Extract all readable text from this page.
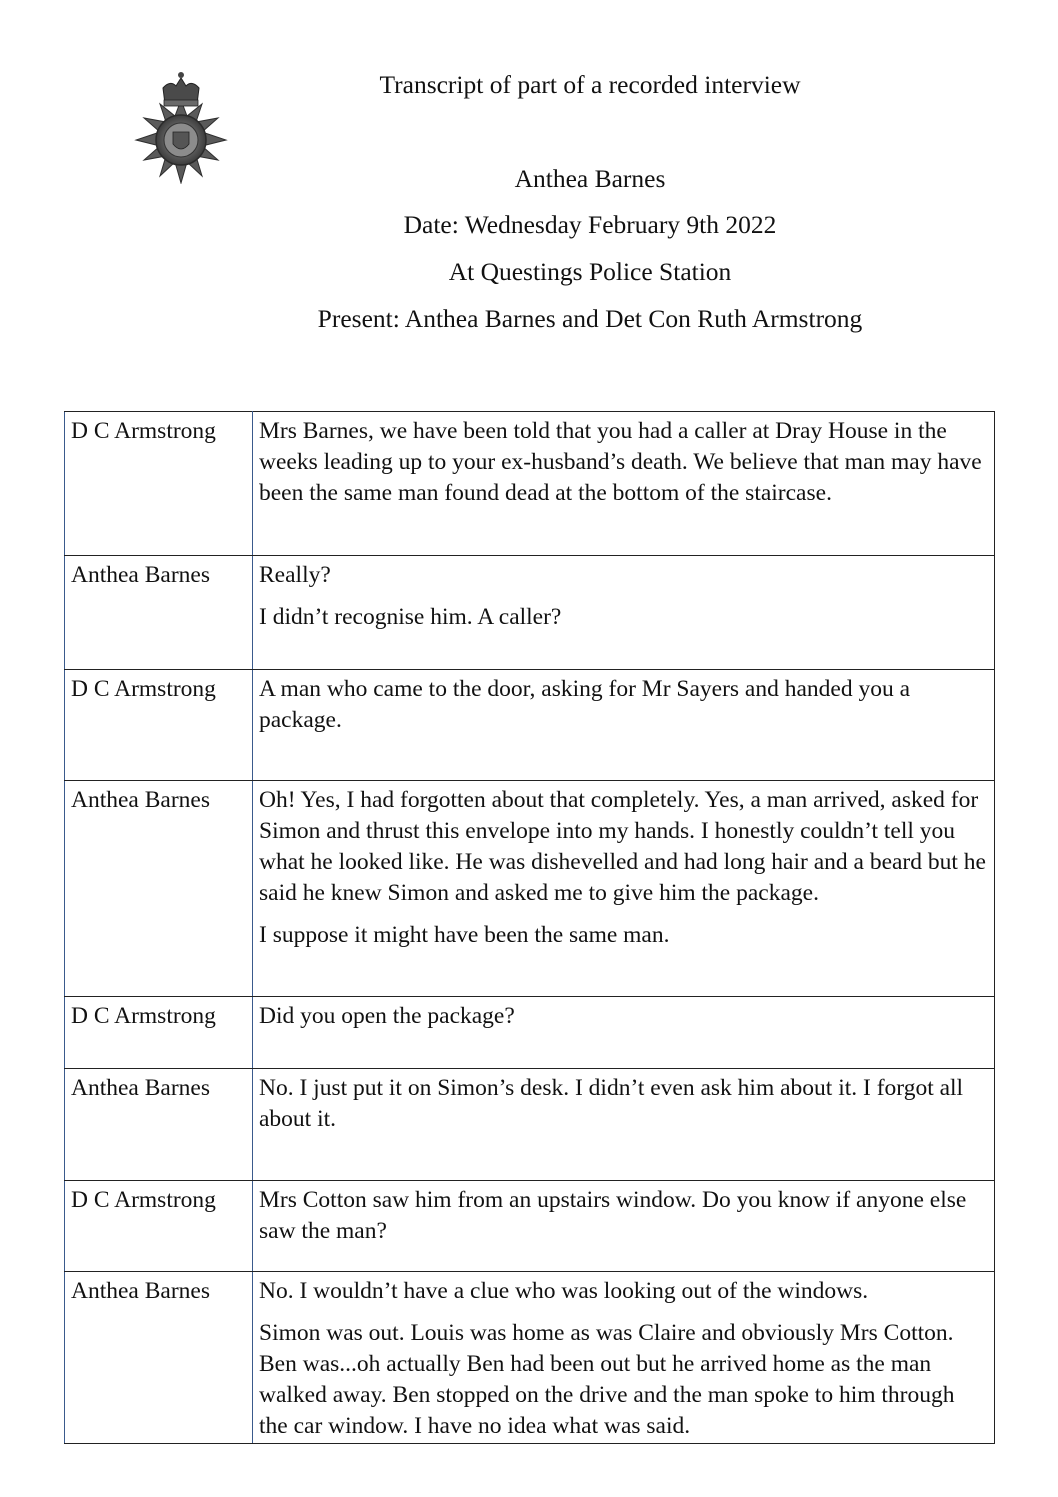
Transcript of part of a recorded interview
Anthea Barnes
Date: Wednesday February 9th 2022
At Questings Police Station
Present: Anthea Barnes and Det Con Ruth Armstrong
D C Armstrong	Mrs Barnes, we have been told that you had a caller at Dray House in the weeks leading up to your ex-husband’s death. We believe that man may have been the same man found dead at the bottom of the staircase.

Anthea Barnes	Really?

I didn’t recognise him. A caller?

D C Armstrong	A man who came to the door, asking for Mr Sayers and handed you a package.

Anthea Barnes	Oh! Yes, I had forgotten about that completely. Yes, a man arrived, asked for Simon and thrust this envelope into my hands. I honestly couldn’t tell you what he looked like. He was dishevelled and had long hair and a beard but he said he knew Simon and asked me to give him the package.

I suppose it might have been the same man.

D C Armstrong	Did you open the package?

Anthea Barnes	No. I just put it on Simon’s desk. I didn’t even ask him about it. I forgot all about it.

D C Armstrong	Mrs Cotton saw him from an upstairs window. Do you know if anyone else saw the man?

Anthea Barnes	No. I wouldn’t have a clue who was looking out of the windows.

Simon was out. Louis was home as was Claire and obviously Mrs Cotton. Ben was...oh actually Ben had been out but he arrived home as the man walked away. Ben stopped on the drive and the man spoke to him through the car window. I have no idea what was said.
